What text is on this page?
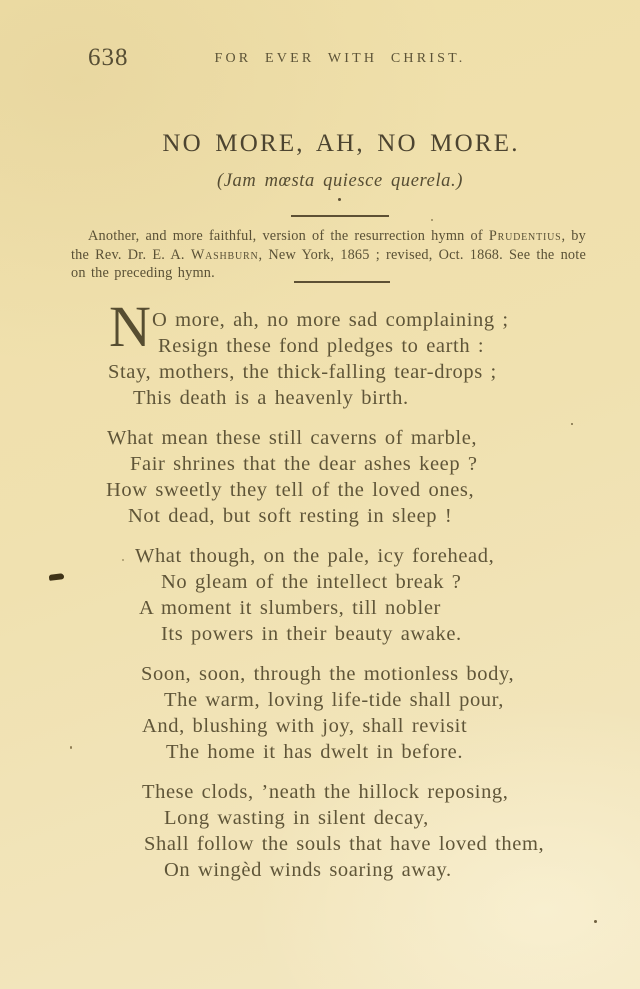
638	FOR EVER WITH CHRIST.
NO MORE, AH, NO MORE.
(Jam mœsta quiesce querela.)

Another, and more faithful, version of the resurrection hymn of Prudentius, by the Rev. Dr. E. A. Washburn, New York, 1865 ; revised, Oct. 1868. See the note on the preceding hymn.

N O more, ah, no more sad complaining ;

Resign these fond pledges to earth :

Stay, mothers, the thick-falling tear-drops ;

This death is a heavenly birth.

What mean these still caverns of marble,

Fair shrines that the dear ashes keep ?

How sweetly they tell of the loved ones,

Not dead, but soft resting in sleep !

What though, on the pale, icy forehead,

No gleam of the intellect break ?

A moment it slumbers, till nobler

Its powers in their beauty awake.

Soon, soon, through the motionless body,

The warm, loving life-tide shall pour,

And, blushing with joy, shall revisit

The home it has dwelt in before.

These clods, ’neath the hillock reposing,

Long wasting in silent decay,

Shall follow the souls that have loved them,

On wingèd winds soaring away.
